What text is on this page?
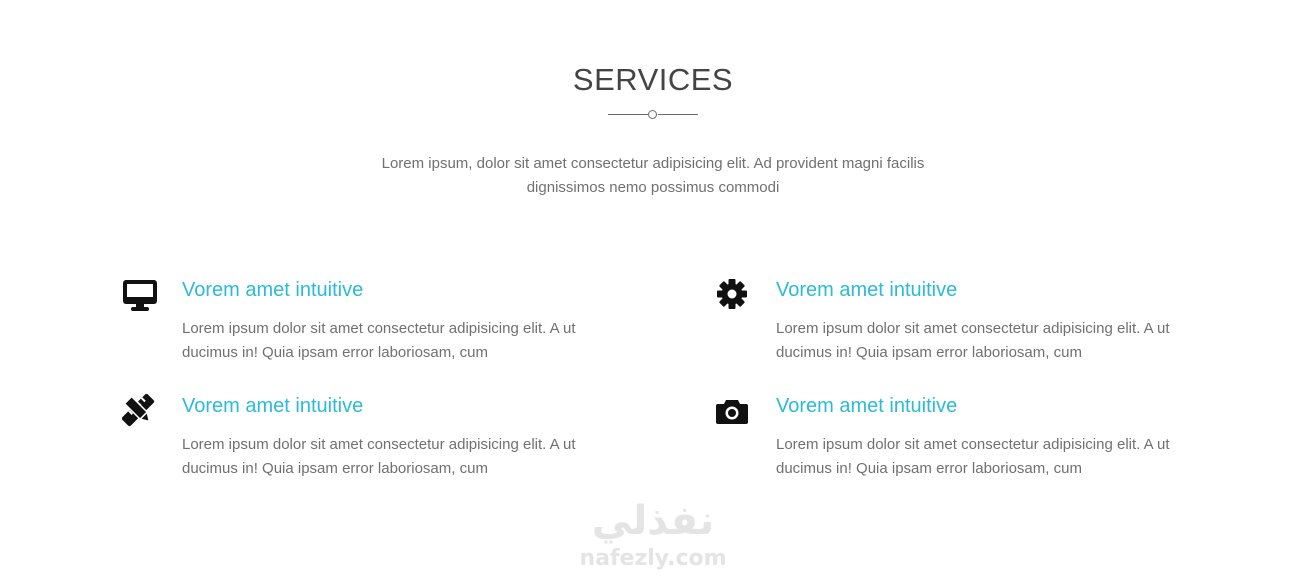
SERVICES

Lorem ipsum, dolor sit amet consectetur adipisicing elit. Ad provident magni facilis dignissimos nemo possimus commodi

Vorem amet intuitive

Lorem ipsum dolor sit amet consectetur adipisicing elit. A ut ducimus in! Quia ipsam error laboriosam, cum

Vorem amet intuitive

Lorem ipsum dolor sit amet consectetur adipisicing elit. A ut ducimus in! Quia ipsam error laboriosam, cum

Vorem amet intuitive

Lorem ipsum dolor sit amet consectetur adipisicing elit. A ut ducimus in! Quia ipsam error laboriosam, cum

Vorem amet intuitive

Lorem ipsum dolor sit amet consectetur adipisicing elit. A ut ducimus in! Quia ipsam error laboriosam, cum

نفذلي
nafezly.com
